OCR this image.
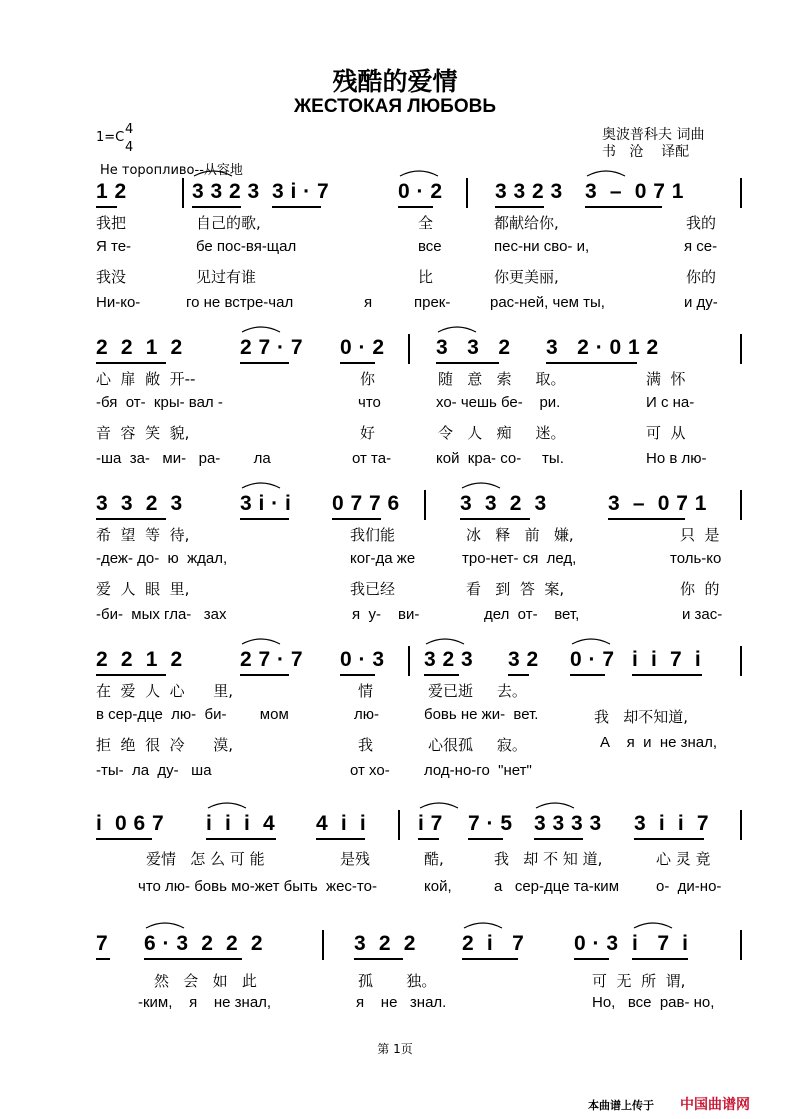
残酷的爱情
ЖЕСТОКАЯ ЛЮБОВЬ
1=C
4
4
Не торопливо--从容地
奥波普科夫 词曲
书   沧    译配
1 2	3 3 2 3 3 i · 7	0 · 2 3 3 2 3 3  –  0 7 1
我把	自己的歌,	全	都献给你,	我的
Я те-	бе пос-вя-щал	все	пес-ни сво- и,	я се-
我没	见过有谁	比	你更美丽,	你的
Ни-ко-	го не встре-чал	я	прек-	рас-ней, чем ты,	и ду-
2  2  1  2	2 7 · 7 0 · 2 3   3   2 3   2 · 0 1 2
心  扉  敞  开--	你	随   意   索     取。	满  怀
-бя  от-  кры- вал -	что	хо- чешь бе-    ри.	И с на-
音  容  笑  貌,	好	令   人   痴     迷。	可  从
-ша  за-   ми-   ра-        ла	от та-	кой  кра- со-     ты.	Но в лю-
3  3  2  3	3 i · i 0 7 7 6	3  3  2  3	3  –  0 7 1
希  望  等  待,	我们能	冰   释   前   嫌,	只  是
-деж- до-  ю  ждал,	ког-да же	тро-нет- ся  лед,	толь-ко
爱  人  眼  里,	我已经	看   到  答  案,	你  的
-би-  мых гла-   зах	я  у- ви-	дел  от-    вет,	и зас-
2  2  1  2	2 7 · 7 0 · 3 3 2 3 3 2 0 · 7 i  i  7  i
在  爱  人  心      里,	情	爱已逝     去。
в сер-дце  лю-  би-        мом	лю-	бовь не жи-  вет.	我   却不知道,
拒  绝  很  冷      漠,	我	心很孤     寂。	А    я  и  не знал,
-ты-  ла  ду-   ша	от хо- лод-но-го  "нет"
i  0 6 7 i  i  i  4 4  i  i i 7 7 · 5 3 3 3 3 3  i  i  7
爱情   怎 么 可 能	是残	酷,	我   却 不 知 道,	心 灵 竟
что лю- бовь мо-жет быть  жес-то-	кой,	а   сер-дце та-ким о-  ди-но-
7 6 · 3  2  2  2	3  2  2 2  i   7 0 · 3 i   7  i
然   会   如   此	孤       独。	可  无  所  谓,
-ким,    я    не знал,	я    не   знал.	Но,   все  рав- но,
第 1页
本曲谱上传于 中国曲谱网
